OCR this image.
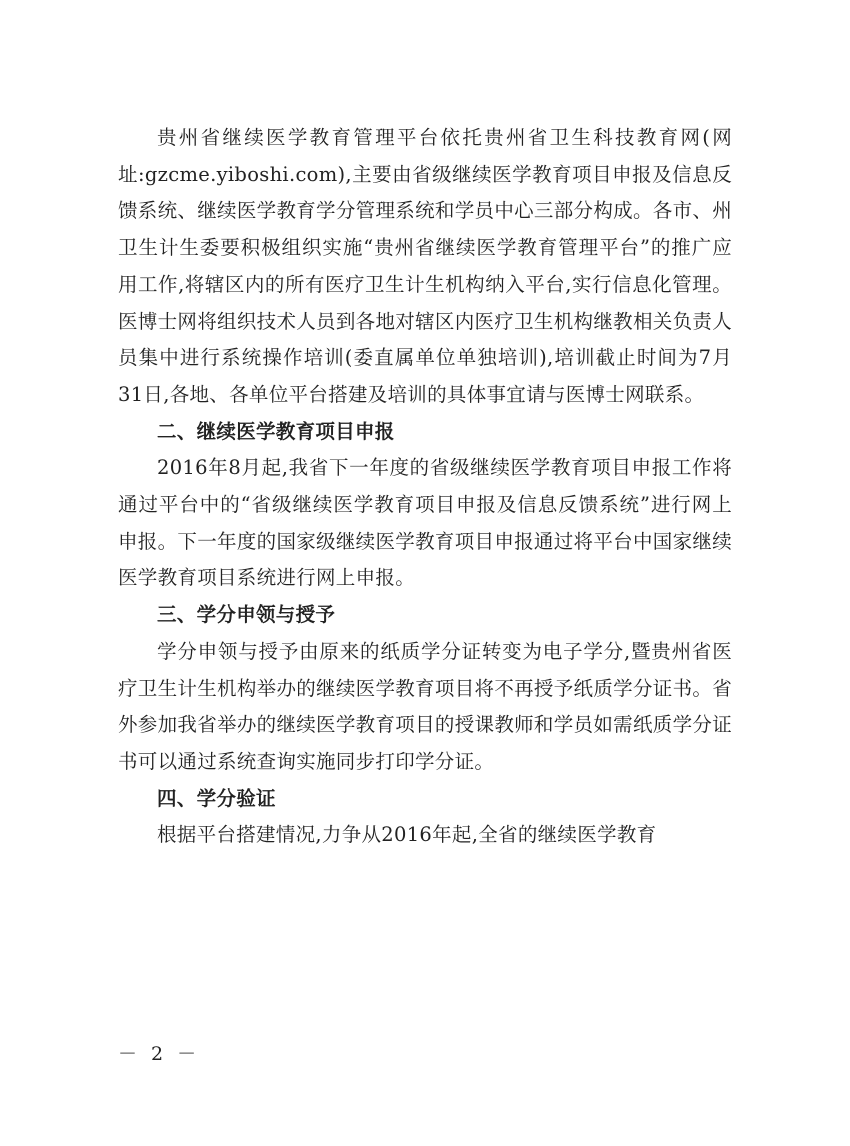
贵州省继续医学教育管理平台依托贵州省卫生科技教育网(网址:gzcme.yiboshi.com),主要由省级继续医学教育项目申报及信息反馈系统、继续医学教育学分管理系统和学员中心三部分构成。各市、州卫生计生委要积极组织实施“贵州省继续医学教育管理平台”的推广应用工作,将辖区内的所有医疗卫生计生机构纳入平台,实行信息化管理。医博士网将组织技术人员到各地对辖区内医疗卫生机构继教相关负责人员集中进行系统操作培训(委直属单位单独培训),培训截止时间为7月31日,各地、各单位平台搭建及培训的具体事宜请与医博士网联系。

二、继续医学教育项目申报

2016年8月起,我省下一年度的省级继续医学教育项目申报工作将通过平台中的“省级继续医学教育项目申报及信息反馈系统”进行网上申报。下一年度的国家级继续医学教育项目申报通过将平台中国家继续医学教育项目系统进行网上申报。

三、学分申领与授予

学分申领与授予由原来的纸质学分证转变为电子学分,暨贵州省医疗卫生计生机构举办的继续医学教育项目将不再授予纸质学分证书。省外参加我省举办的继续医学教育项目的授课教师和学员如需纸质学分证书可以通过系统查询实施同步打印学分证。

四、学分验证

根据平台搭建情况,力争从2016年起,全省的继续医学教育

－ 2 －
